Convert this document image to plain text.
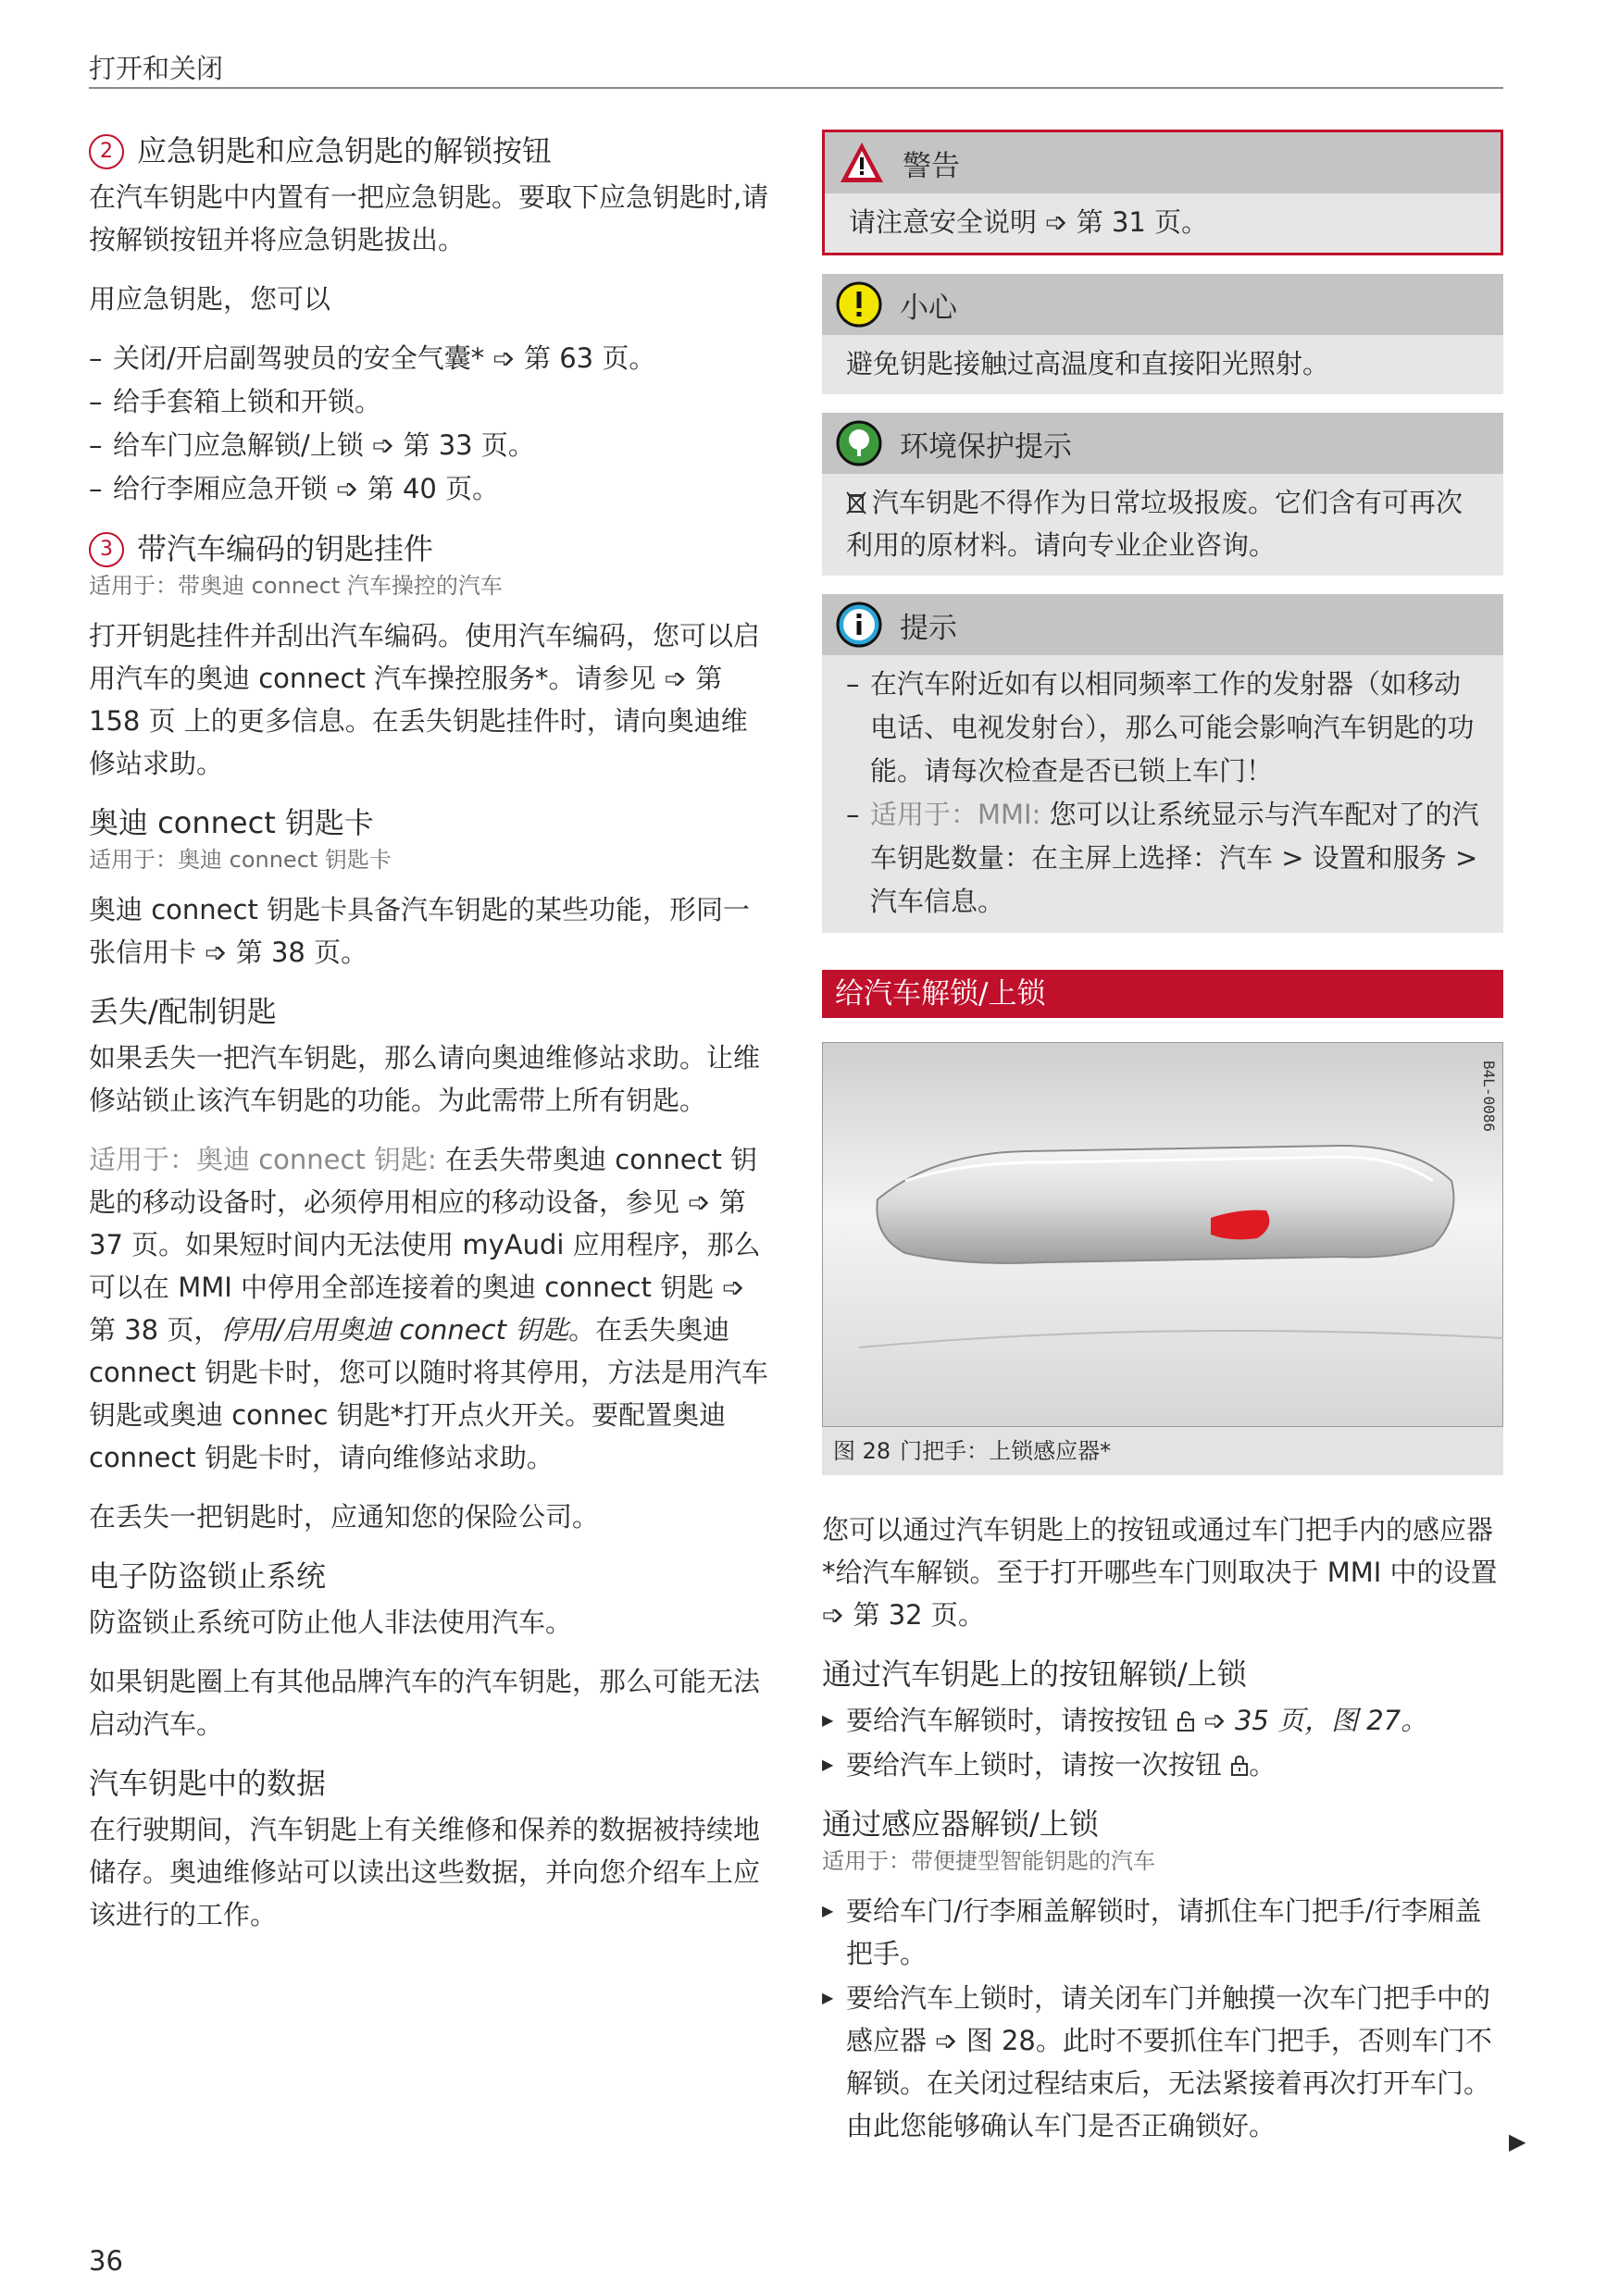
打开和关闭
2 应急钥匙和应急钥匙的解锁按钮

在汽车钥匙中内置有一把应急钥匙。要取下应急钥匙时,请按解锁按钮并将应急钥匙拔出。

用应急钥匙，您可以

– 关闭/开启副驾驶员的安全气囊* ➩ 第 63 页。
– 给手套箱上锁和开锁。
– 给车门应急解锁/上锁 ➩ 第 33 页。
– 给行李厢应急开锁 ➩ 第 40 页。
3 带汽车编码的钥匙挂件

适用于：带奥迪 connect 汽车操控的汽车

打开钥匙挂件并刮出汽车编码。使用汽车编码，您可以启用汽车的奥迪 connect 汽车操控服务*。请参见 ➩ 第 158 页 上的更多信息。在丢失钥匙挂件时，请向奥迪维修站求助。

奥迪 connect 钥匙卡

适用于：奥迪 connect 钥匙卡

奥迪 connect 钥匙卡具备汽车钥匙的某些功能，形同一张信用卡 ➩ 第 38 页。

丢失/配制钥匙

如果丢失一把汽车钥匙，那么请向奥迪维修站求助。让维修站锁止该汽车钥匙的功能。为此需带上所有钥匙。

适用于：奥迪 connect 钥匙: 在丢失带奥迪 connect 钥匙的移动设备时，必须停用相应的移动设备，参见 ➩ 第 37 页。如果短时间内无法使用 myAudi 应用程序，那么可以在 MMI 中停用全部连接着的奥迪 connect 钥匙 ➩ 第 38 页，停用/启用奥迪 connect 钥匙。在丢失奥迪 connect 钥匙卡时，您可以随时将其停用，方法是用汽车钥匙或奥迪 connec 钥匙*打开点火开关。要配置奥迪 connect 钥匙卡时，请向维修站求助。

在丢失一把钥匙时，应通知您的保险公司。

电子防盗锁止系统

防盗锁止系统可防止他人非法使用汽车。

如果钥匙圈上有其他品牌汽车的汽车钥匙，那么可能无法启动汽车。

汽车钥匙中的数据

在行驶期间，汽车钥匙上有关维修和保养的数据被持续地储存。奥迪维修站可以读出这些数据，并向您介绍车上应该进行的工作。

警告
请注意安全说明 ➩ 第 31 页。
小心
避免钥匙接触过高温度和直接阳光照射。
环境保护提示
汽车钥匙不得作为日常垃圾报废。它们含有可再次利用的原材料。请向专业企业咨询。
提示
– 在汽车附近如有以相同频率工作的发射器（如移动电话、电视发射台），那么可能会影响汽车钥匙的功能。请每次检查是否已锁上车门！
– 适用于：MMI: 您可以让系统显示与汽车配对了的汽车钥匙数量：在主屏上选择：汽车 > 设置和服务 > 汽车信息。
给汽车解锁/上锁
B4L-0086
图 28 门把手：上锁感应器*

您可以通过汽车钥匙上的按钮或通过车门把手内的感应器*给汽车解锁。至于打开哪些车门则取决于 MMI 中的设置 ➩ 第 32 页。

通过汽车钥匙上的按钮解锁/上锁
▶ 要给汽车解锁时，请按按钮 ➩ 35 页，图 27。
▶ 要给汽车上锁时，请按一次按钮 。
通过感应器解锁/上锁

适用于：带便捷型智能钥匙的汽车

▶ 要给车门/行李厢盖解锁时，请抓住车门把手/行李厢盖把手。
▶ 要给汽车上锁时，请关闭车门并触摸一次车门把手中的感应器 ➩ 图 28。此时不要抓住车门把手，否则车门不解锁。在关闭过程结束后，无法紧接着再次打开车门。由此您能够确认车门是否正确锁好。	▶
36
